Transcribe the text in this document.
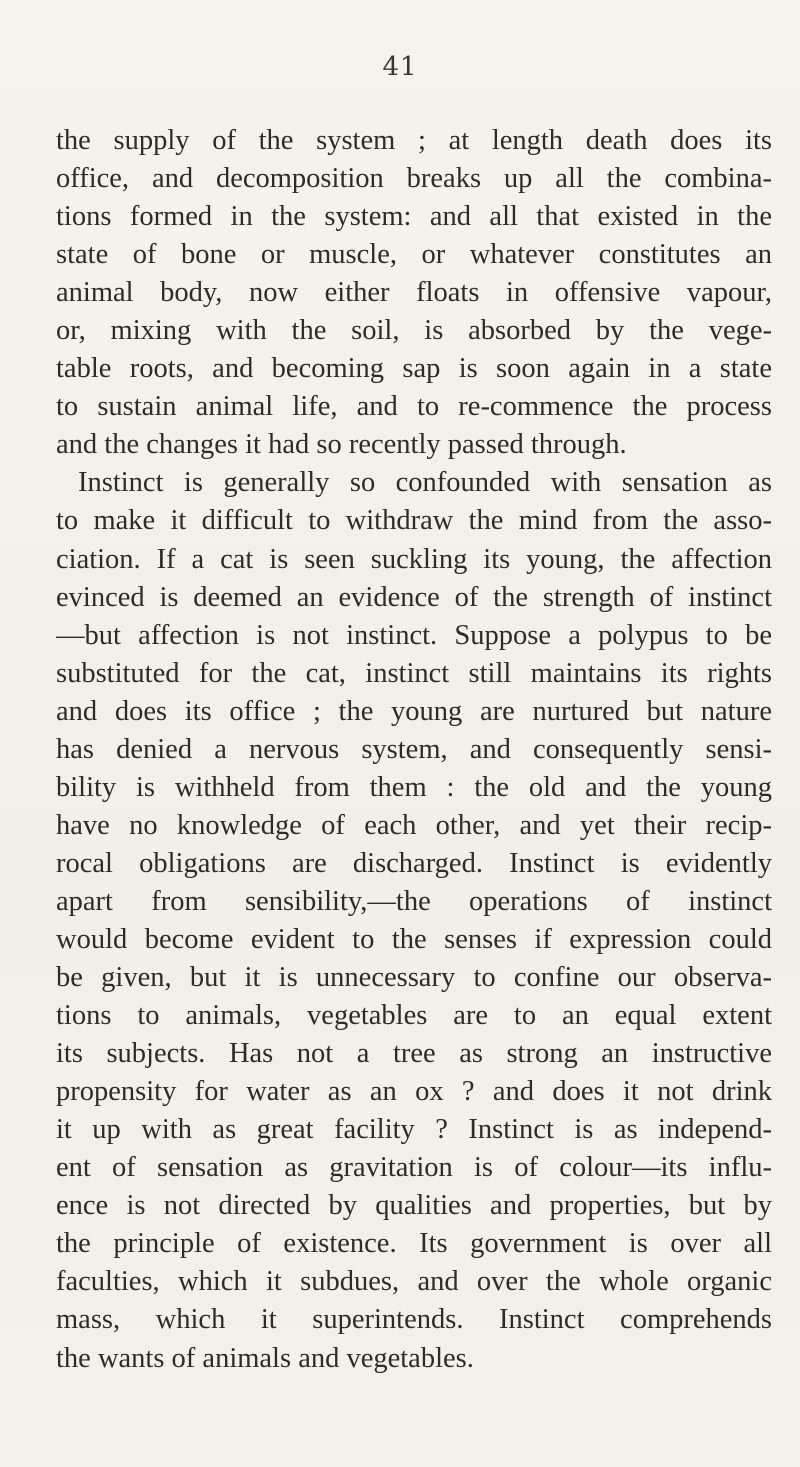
41
the supply of the system ; at length death does its
office, and decomposition breaks up all the combina-
tions formed in the system: and all that existed in the
state of bone or muscle, or whatever constitutes an
animal body, now either floats in offensive vapour,
or, mixing with the soil, is absorbed by the vege-
table roots, and becoming sap is soon again in a state
to sustain animal life, and to re-commence the process
and the changes it had so recently passed through.
Instinct is generally so confounded with sensation as
to make it difficult to withdraw the mind from the asso-
ciation. If a cat is seen suckling its young, the affection
evinced is deemed an evidence of the strength of instinct
—but affection is not instinct. Suppose a polypus to be
substituted for the cat, instinct still maintains its rights
and does its office ; the young are nurtured but nature
has denied a nervous system, and consequently sensi-
bility is withheld from them : the old and the young
have no knowledge of each other, and yet their recip-
rocal obligations are discharged. Instinct is evidently
apart from sensibility,—the operations of instinct
would become evident to the senses if expression could
be given, but it is unnecessary to confine our observa-
tions to animals, vegetables are to an equal extent
its subjects. Has not a tree as strong an instructive
propensity for water as an ox ? and does it not drink
it up with as great facility ? Instinct is as independ-
ent of sensation as gravitation is of colour—its influ-
ence is not directed by qualities and properties, but by
the principle of existence. Its government is over all
faculties, which it subdues, and over the whole organic
mass, which it superintends. Instinct comprehends
the wants of animals and vegetables.
